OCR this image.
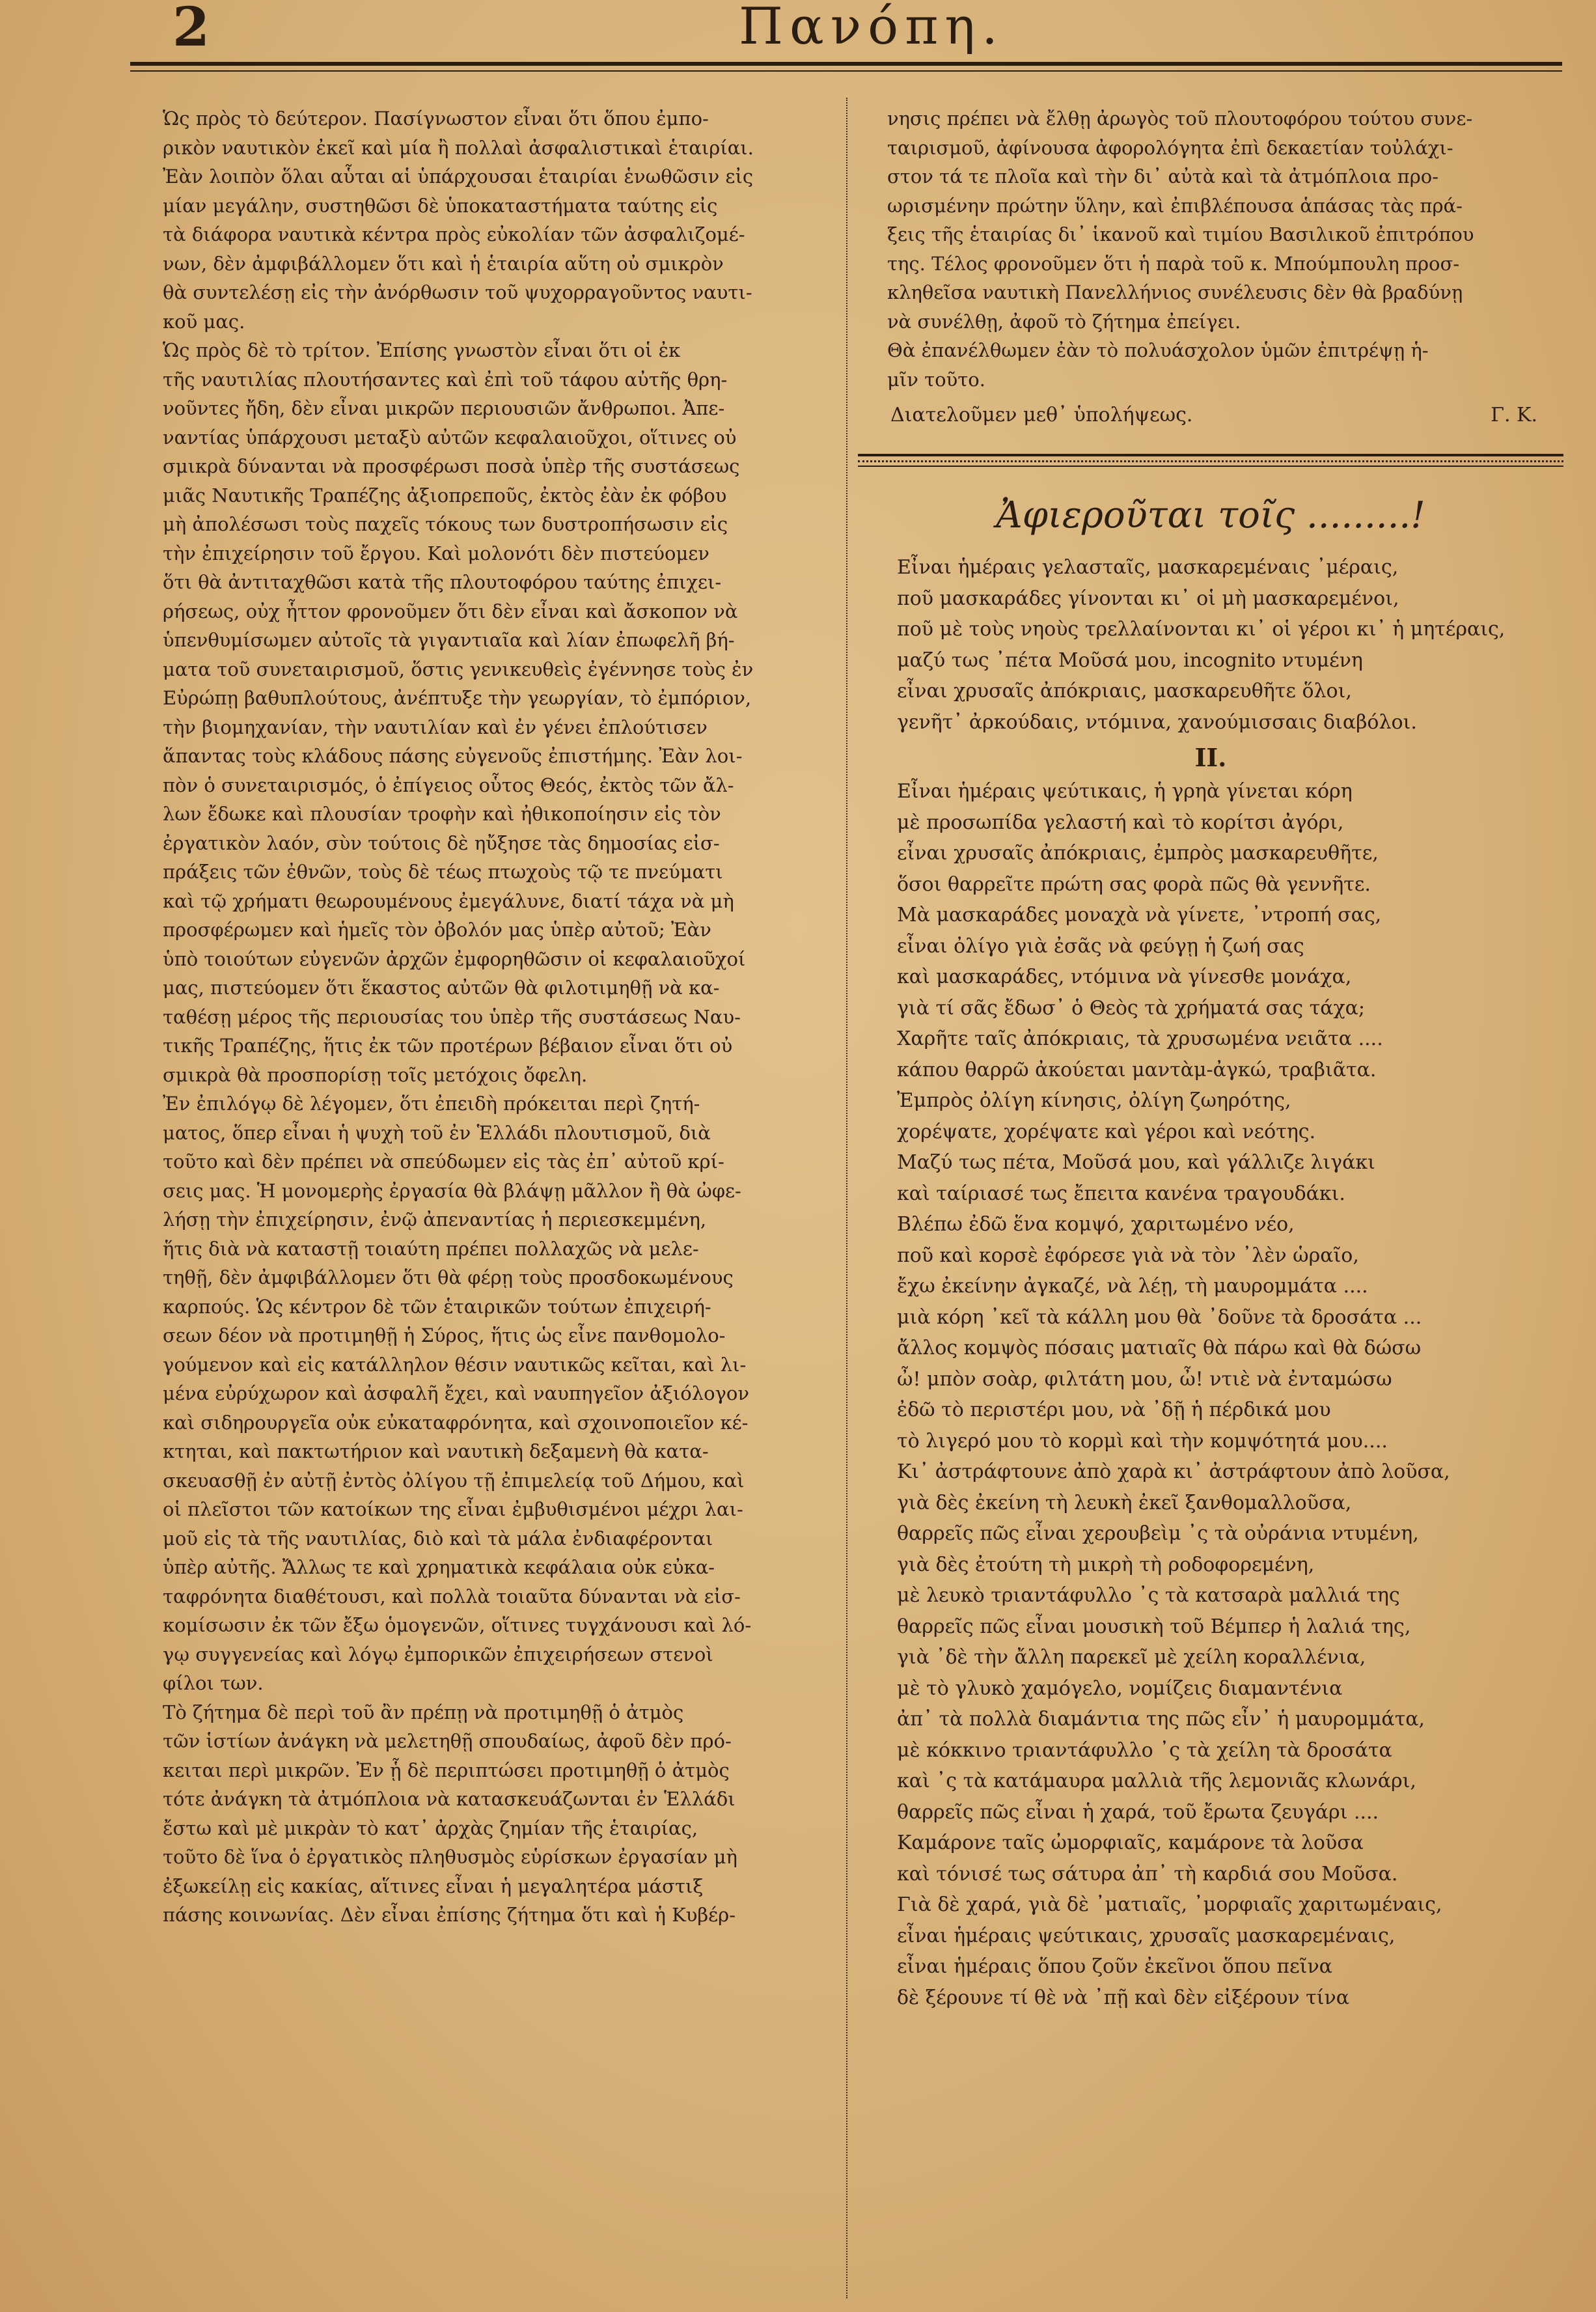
2	Πανόπη.

Ὡς πρὸς τὸ δεύτερον. Πασίγνωστον εἶναι ὅτι ὅπου ἐμπο-
ρικὸν ναυτικὸν ἐκεῖ καὶ μία ἢ πολλαὶ ἀσφαλιστικαὶ ἑταιρίαι.
Ἐὰν λοιπὸν ὅλαι αὗται αἱ ὑπάρχουσαι ἑταιρίαι ἑνωθῶσιν εἰς
μίαν μεγάλην, συστηθῶσι δὲ ὑποκαταστήματα ταύτης εἰς
τὰ διάφορα ναυτικὰ κέντρα πρὸς εὐκολίαν τῶν ἀσφαλιζομέ-
νων, δὲν ἀμφιβάλλομεν ὅτι καὶ ἡ ἑταιρία αὕτη οὐ σμικρὸν
θὰ συντελέσῃ εἰς τὴν ἀνόρθωσιν τοῦ ψυχορραγοῦντος ναυτι-
κοῦ μας.

Ὡς πρὸς δὲ τὸ τρίτον. Ἐπίσης γνωστὸν εἶναι ὅτι οἱ ἐκ
τῆς ναυτιλίας πλουτήσαντες καὶ ἐπὶ τοῦ τάφου αὐτῆς θρη-
νοῦντες ἤδη, δὲν εἶναι μικρῶν περιουσιῶν ἄνθρωποι. Ἀπε-
ναντίας ὑπάρχουσι μεταξὺ αὐτῶν κεφαλαιοῦχοι, οἵτινες οὐ
σμικρὰ δύνανται νὰ προσφέρωσι ποσὰ ὑπὲρ τῆς συστάσεως
μιᾶς Ναυτικῆς Τραπέζης ἀξιοπρεποῦς, ἐκτὸς ἐὰν ἐκ φόβου
μὴ ἀπολέσωσι τοὺς παχεῖς τόκους των δυστροπήσωσιν εἰς
τὴν ἐπιχείρησιν τοῦ ἔργου. Καὶ μολονότι δὲν πιστεύομεν
ὅτι θὰ ἀντιταχθῶσι κατὰ τῆς πλουτοφόρου ταύτης ἐπιχει-
ρήσεως, οὐχ ἧττον φρονοῦμεν ὅτι δὲν εἶναι καὶ ἄσκοπον νὰ
ὑπενθυμίσωμεν αὐτοῖς τὰ γιγαντιαῖα καὶ λίαν ἐπωφελῆ βή-
ματα τοῦ συνεταιρισμοῦ, ὅστις γενικευθεὶς ἐγέννησε τοὺς ἐν
Εὐρώπῃ βαθυπλούτους, ἀνέπτυξε τὴν γεωργίαν, τὸ ἐμπόριον,
τὴν βιομηχανίαν, τὴν ναυτιλίαν καὶ ἐν γένει ἐπλούτισεν
ἅπαντας τοὺς κλάδους πάσης εὐγενοῦς ἐπιστήμης. Ἐὰν λοι-
πὸν ὁ συνεταιρισμός, ὁ ἐπίγειος οὗτος Θεός, ἐκτὸς τῶν ἄλ-
λων ἔδωκε καὶ πλουσίαν τροφὴν καὶ ἠθικοποίησιν εἰς τὸν
ἐργατικὸν λαόν, σὺν τούτοις δὲ ηὔξησε τὰς δημοσίας εἰσ-
πράξεις τῶν ἐθνῶν, τοὺς δὲ τέως πτωχοὺς τῷ τε πνεύματι
καὶ τῷ χρήματι θεωρουμένους ἐμεγάλυνε, διατί τάχα νὰ μὴ
προσφέρωμεν καὶ ἡμεῖς τὸν ὀβολόν μας ὑπὲρ αὐτοῦ; Ἐὰν
ὑπὸ τοιούτων εὐγενῶν ἀρχῶν ἐμφορηθῶσιν οἱ κεφαλαιοῦχοί
μας, πιστεύομεν ὅτι ἕκαστος αὐτῶν θὰ φιλοτιμηθῇ νὰ κα-
ταθέσῃ μέρος τῆς περιουσίας του ὑπὲρ τῆς συστάσεως Ναυ-
τικῆς Τραπέζης, ἥτις ἐκ τῶν προτέρων βέβαιον εἶναι ὅτι οὐ
σμικρὰ θὰ προσπορίσῃ τοῖς μετόχοις ὄφελη.

Ἐν ἐπιλόγῳ δὲ λέγομεν, ὅτι ἐπειδὴ πρόκειται περὶ ζητή-
ματος, ὅπερ εἶναι ἡ ψυχὴ τοῦ ἐν Ἑλλάδι πλουτισμοῦ, διὰ
τοῦτο καὶ δὲν πρέπει νὰ σπεύδωμεν εἰς τὰς ἐπ᾽ αὐτοῦ κρί-
σεις μας. Ἡ μονομερὴς ἐργασία θὰ βλάψῃ μᾶλλον ἢ θὰ ὠφε-
λήσῃ τὴν ἐπιχείρησιν, ἐνῷ ἀπεναντίας ἡ περιεσκεμμένη,
ἥτις διὰ νὰ καταστῇ τοιαύτη πρέπει πολλαχῶς νὰ μελε-
τηθῇ, δὲν ἀμφιβάλλομεν ὅτι θὰ φέρῃ τοὺς προσδοκωμένους
καρπούς. Ὡς κέντρον δὲ τῶν ἑταιρικῶν τούτων ἐπιχειρή-
σεων δέον νὰ προτιμηθῇ ἡ Σύρος, ἥτις ὡς εἶνε πανθομολο-
γούμενον καὶ εἰς κατάλληλον θέσιν ναυτικῶς κεῖται, καὶ λι-
μένα εὐρύχωρον καὶ ἀσφαλῆ ἔχει, καὶ ναυπηγεῖον ἀξιόλογον
καὶ σιδηρουργεῖα οὐκ εὐκαταφρόνητα, καὶ σχοινοποιεῖον κέ-
κτηται, καὶ πακτωτήριον καὶ ναυτικὴ δεξαμενὴ θὰ κατα-
σκευασθῇ ἐν αὐτῇ ἐντὸς ὀλίγου τῇ ἐπιμελείᾳ τοῦ Δήμου, καὶ
οἱ πλεῖστοι τῶν κατοίκων της εἶναι ἐμβυθισμένοι μέχρι λαι-
μοῦ εἰς τὰ τῆς ναυτιλίας, διὸ καὶ τὰ μάλα ἐνδιαφέρονται
ὑπὲρ αὐτῆς. Ἄλλως τε καὶ χρηματικὰ κεφάλαια οὐκ εὐκα-
ταφρόνητα διαθέτουσι, καὶ πολλὰ τοιαῦτα δύνανται νὰ εἰσ-
κομίσωσιν ἐκ τῶν ἔξω ὁμογενῶν, οἵτινες τυγχάνουσι καὶ λό-
γῳ συγγενείας καὶ λόγῳ ἐμπορικῶν ἐπιχειρήσεων στενοὶ
φίλοι των.

Τὸ ζήτημα δὲ περὶ τοῦ ἂν πρέπῃ νὰ προτιμηθῇ ὁ ἀτμὸς
τῶν ἱστίων ἀνάγκη νὰ μελετηθῇ σπουδαίως, ἀφοῦ δὲν πρό-
κειται περὶ μικρῶν. Ἐν ᾗ δὲ περιπτώσει προτιμηθῇ ὁ ἀτμὸς
τότε ἀνάγκη τὰ ἀτμόπλοια νὰ κατασκευάζωνται ἐν Ἑλλάδι
ἔστω καὶ μὲ μικρὰν τὸ κατ᾽ ἀρχὰς ζημίαν τῆς ἑταιρίας,
τοῦτο δὲ ἵνα ὁ ἐργατικὸς πληθυσμὸς εὑρίσκων ἐργασίαν μὴ
ἐξωκείλῃ εἰς κακίας, αἵτινες εἶναι ἡ μεγαλητέρα μάστιξ
πάσης κοινωνίας. Δὲν εἶναι ἐπίσης ζήτημα ὅτι καὶ ἡ Κυβέρ-

νησις πρέπει νὰ ἔλθῃ ἀρωγὸς τοῦ πλουτοφόρου τούτου συνε-
ταιρισμοῦ, ἀφίνουσα ἀφορολόγητα ἐπὶ δεκαετίαν τοὐλάχι-
στον τά τε πλοῖα καὶ τὴν δι᾽ αὐτὰ καὶ τὰ ἀτμόπλοια προ-
ωρισμένην πρώτην ὕλην, καὶ ἐπιβλέπουσα ἁπάσας τὰς πρά-
ξεις τῆς ἑταιρίας δι᾽ ἱκανοῦ καὶ τιμίου Βασιλικοῦ ἐπιτρόπου
της. Τέλος φρονοῦμεν ὅτι ἡ παρὰ τοῦ κ. Μπούμπουλη προσ-
κληθεῖσα ναυτικὴ Πανελλήνιος συνέλευσις δὲν θὰ βραδύνῃ
νὰ συνέλθῃ, ἀφοῦ τὸ ζήτημα ἐπείγει.

Θὰ ἐπανέλθωμεν ἐὰν τὸ πολυάσχολον ὑμῶν ἐπιτρέψῃ ἡ-
μῖν τοῦτο.

Διατελοῦμεν μεθ᾽ ὑπολήψεως.	Γ. Κ.
Ἀφιεροῦται τοῖς .........!
Εἶναι ἡμέραις γελασταῖς, μασκαρεμέναις ᾿μέραις,
ποῦ μασκαράδες γίνονται κι᾽ οἱ μὴ μασκαρεμένοι,
ποῦ μὲ τοὺς νηοὺς τρελλαίνονται κι᾽ οἱ γέροι κι᾽ ἡ μητέραις,
μαζύ τως ᾿πέτα Μοῦσά μου, incognito ντυμένη
εἶναι χρυσαῖς ἀπόκριαις, μασκαρευθῆτε ὅλοι,
γενῆτ᾽ ἀρκούδαις, ντόμινα, χανούμισσαις διαβόλοι.
II.
Εἶναι ἡμέραις ψεύτικαις, ἡ γρηὰ γίνεται κόρη
μὲ προσωπίδα γελαστή καὶ τὸ κορίτσι ἀγόρι,
εἶναι χρυσαῖς ἀπόκριαις, ἐμπρὸς μασκαρευθῆτε,
ὅσοι θαρρεῖτε πρώτη σας φορὰ πῶς θὰ γεννῆτε.
Μὰ μασκαράδες μοναχὰ νὰ γίνετε, ᾿ντροπή σας,
εἶναι ὀλίγο γιὰ ἐσᾶς νὰ φεύγῃ ἡ ζωή σας
καὶ μασκαράδες, ντόμινα νὰ γίνεσθε μονάχα,
γιὰ τί σᾶς ἔδωσ᾽ ὁ Θεὸς τὰ χρήματά σας τάχα;
Χαρῆτε ταῖς ἀπόκριαις, τὰ χρυσωμένα νειᾶτα ....
κάπου θαρρῶ ἀκούεται μαντὰμ-ἀγκώ, τραβιᾶτα.
Ἐμπρὸς ὀλίγη κίνησις, ὀλίγη ζωηρότης,
χορέψατε, χορέψατε καὶ γέροι καὶ νεότης.
Μαζύ τως πέτα, Μοῦσά μου, καὶ γάλλιζε λιγάκι
καὶ ταίριασέ τως ἔπειτα κανένα τραγουδάκι.
Βλέπω ἐδῶ ἕνα κομψό, χαριτωμένο νέο,
ποῦ καὶ κορσὲ ἐφόρεσε γιὰ νὰ τὸν ᾿λὲν ὡραῖο,
ἔχω ἐκείνην ἀγκαζέ, νὰ λέῃ, τὴ μαυρομμάτα ....
μιὰ κόρη ᾿κεῖ τὰ κάλλη μου θὰ ᾿δοῦνε τὰ δροσάτα ...
ἄλλος κομψὸς πόσαις ματιαῖς θὰ πάρω καὶ θὰ δώσω
ὦ! μπὸν σοὰρ, φιλτάτη μου, ὦ! ντιὲ νὰ ἐνταμώσω
ἐδῶ τὸ περιστέρι μου, νὰ ᾿δῇ ἡ πέρδικά μου
τὸ λιγερό μου τὸ κορμὶ καὶ τὴν κομψότητά μου....
Κι᾽ ἀστράφτουνε ἀπὸ χαρὰ κι᾽ ἀστράφτουν ἀπὸ λοῦσα,
γιὰ δὲς ἐκείνη τὴ λευκὴ ἐκεῖ ξανθομαλλοῦσα,
θαρρεῖς πῶς εἶναι χερουβεὶμ ᾿ς τὰ οὐράνια ντυμένη,
γιὰ δὲς ἐτούτη τὴ μικρὴ τὴ ροδοφορεμένη,
μὲ λευκὸ τριαντάφυλλο ᾿ς τὰ κατσαρὰ μαλλιά της
θαρρεῖς πῶς εἶναι μουσικὴ τοῦ Βέμπερ ἡ λαλιά της,
γιὰ ᾿δὲ τὴν ἄλλη παρεκεῖ μὲ χείλη κοραλλένια,
μὲ τὸ γλυκὸ χαμόγελο, νομίζεις διαμαντένια
ἀπ᾽ τὰ πολλὰ διαμάντια της πῶς εἶν᾽ ἡ μαυρομμάτα,
μὲ κόκκινο τριαντάφυλλο ᾿ς τὰ χείλη τὰ δροσάτα
καὶ ᾿ς τὰ κατάμαυρα μαλλιὰ τῆς λεμονιᾶς κλωνάρι,
θαρρεῖς πῶς εἶναι ἡ χαρά, τοῦ ἔρωτα ζευγάρι ....
Καμάρονε ταῖς ὠμορφιαῖς, καμάρονε τὰ λοῦσα
καὶ τόνισέ τως σάτυρα ἀπ᾽ τὴ καρδιά σου Μοῦσα.
Γιὰ δὲ χαρά, γιὰ δὲ ᾿ματιαῖς, ᾿μορφιαῖς χαριτωμέναις,
εἶναι ἡμέραις ψεύτικαις, χρυσαῖς μασκαρεμέναις,
εἶναι ἡμέραις ὅπου ζοῦν ἐκεῖνοι ὅπου πεῖνα
δὲ ξέρουνε τί θὲ νὰ ᾿πῇ καὶ δὲν εἰξέρουν τίνα
